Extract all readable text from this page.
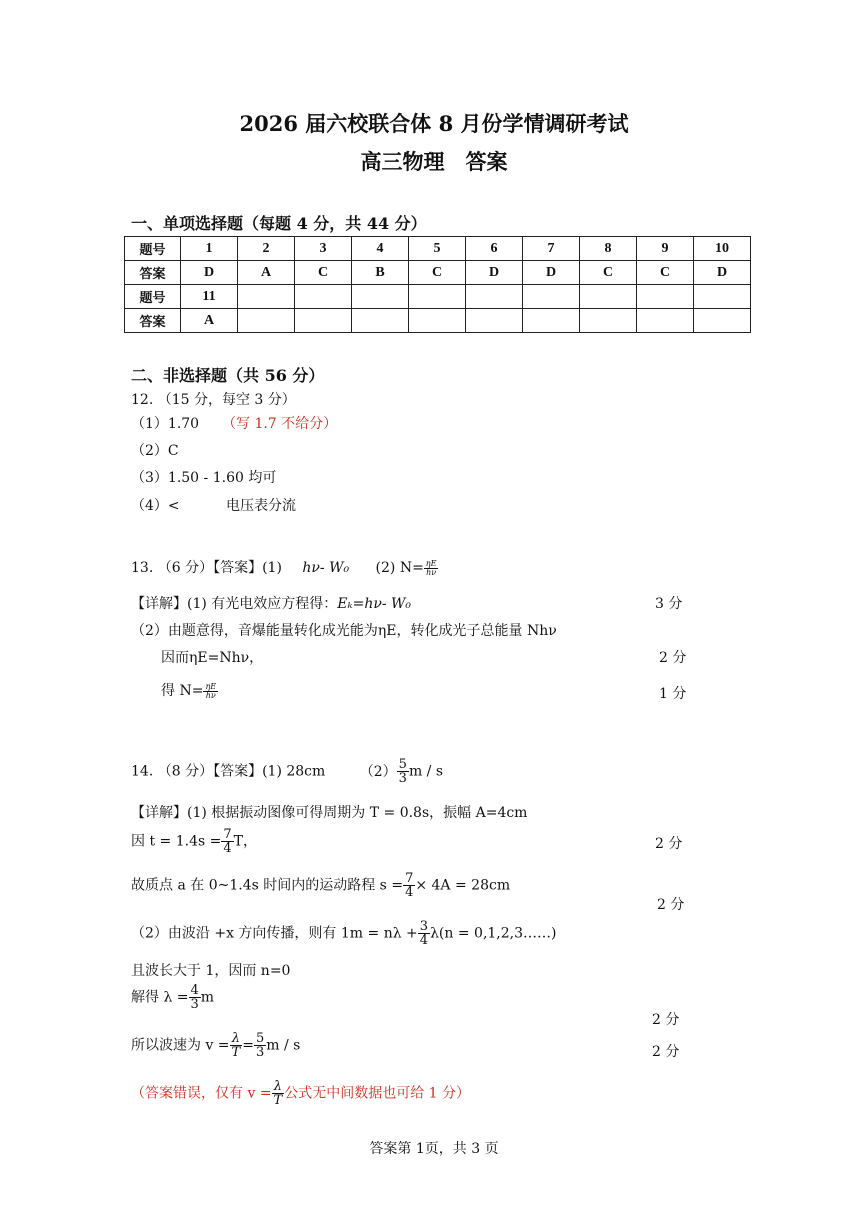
2026 届六校联合体 8 月份学情调研考试
高三物理　答案
一、单项选择题（每题 4 分，共 44 分）
题号	1	2	3	4	5	6	7	8	9	10
答案	D	A	C	B	C	D	D	C	C	D
题号	11									
答案	A									
二、非选择题（共 56 分）
12. （15 分，每空 3 分）
（1）1.70 （写 1.7 不给分）
（2）C
（3）1.50 - 1.60 均可
（4）<	电压表分流
13. （6 分）【答案】(1) hν- W₀ (2) $N= \frac{\eta E}{h\nu}$
【详解】(1) 有光电效应方程得：Eₖ=hν- W₀	3 分
（2）由题意得，音爆能量转化成光能为ηE，转化成光子总能量 Nhν
因而ηE=Nhν，	2 分
得 $N= \frac{\eta E}{h\nu}$	1 分
14. （8 分）【答案】(1) 28cm $(2) \frac{5}{3}$ m / s
【详解】(1) 根据振动图像可得周期为 T = 0.8s，振幅 A=4cm
因 $t = 1.4s = \frac{7}{4}$ T，	2 分
故质点 a 在 0~1.4s 时间内的运动路程 $s = \frac{7}{4} \times 4A = 28cm$
2 分
（2）由波沿 +x 方向传播，则有 $1m = n\lambda + \frac{3}{4} \lambda(n$ = 0,1,2,3……)
且波长大于 1，因而 n=0
解得 $\lambda = \frac{4}{3}$ m
2 分
所以波速为 $v = \frac{\lambda}{T} = \frac{5}{3}$ m / s	2 分
（答案错误，仅有 $v = \frac{\lambda}{T}$ 公式无中间数据也可给 1 分）
答案第 1页，共 3 页
